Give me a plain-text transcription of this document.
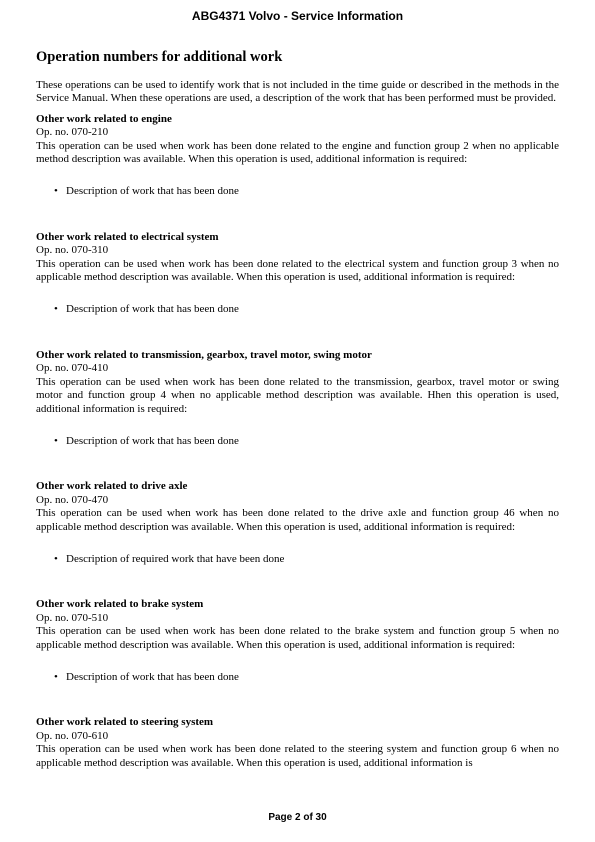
ABG4371 Volvo - Service Information
Operation numbers for additional work

These operations can be used to identify work that is not included in the time guide or described in the methods in the Service Manual. When these operations are used, a description of the work that has been performed must be provided.

Other work related to engine
Op. no. 070-210
This operation can be used when work has been done related to the engine and function group 2 when no applicable method description was available. When this operation is used, additional information is required:
• Description of work that has been done
Other work related to electrical system
Op. no. 070-310
This operation can be used when work has been done related to the electrical system and function group 3 when no applicable method description was available. When this operation is used, additional information is required:
• Description of work that has been done
Other work related to transmission, gearbox, travel motor, swing motor
Op. no. 070-410
This operation can be used when work has been done related to the transmission, gearbox, travel motor or swing motor and function group 4 when no applicable method description was available. Hhen this operation is used, additional information is required:
• Description of work that has been done
Other work related to drive axle
Op. no. 070-470
This operation can be used when work has been done related to the drive axle and function group 46 when no applicable method description was available. When this operation is used, additional information is required:
• Description of required work that have been done
Other work related to brake system
Op. no. 070-510
This operation can be used when work has been done related to the brake system and function group 5 when no applicable method description was available. When this operation is used, additional information is required:
• Description of work that has been done
Other work related to steering system
Op. no. 070-610
This operation can be used when work has been done related to the steering system and function group 6 when no applicable method description was available. When this operation is used, additional information is
Page 2 of 30
